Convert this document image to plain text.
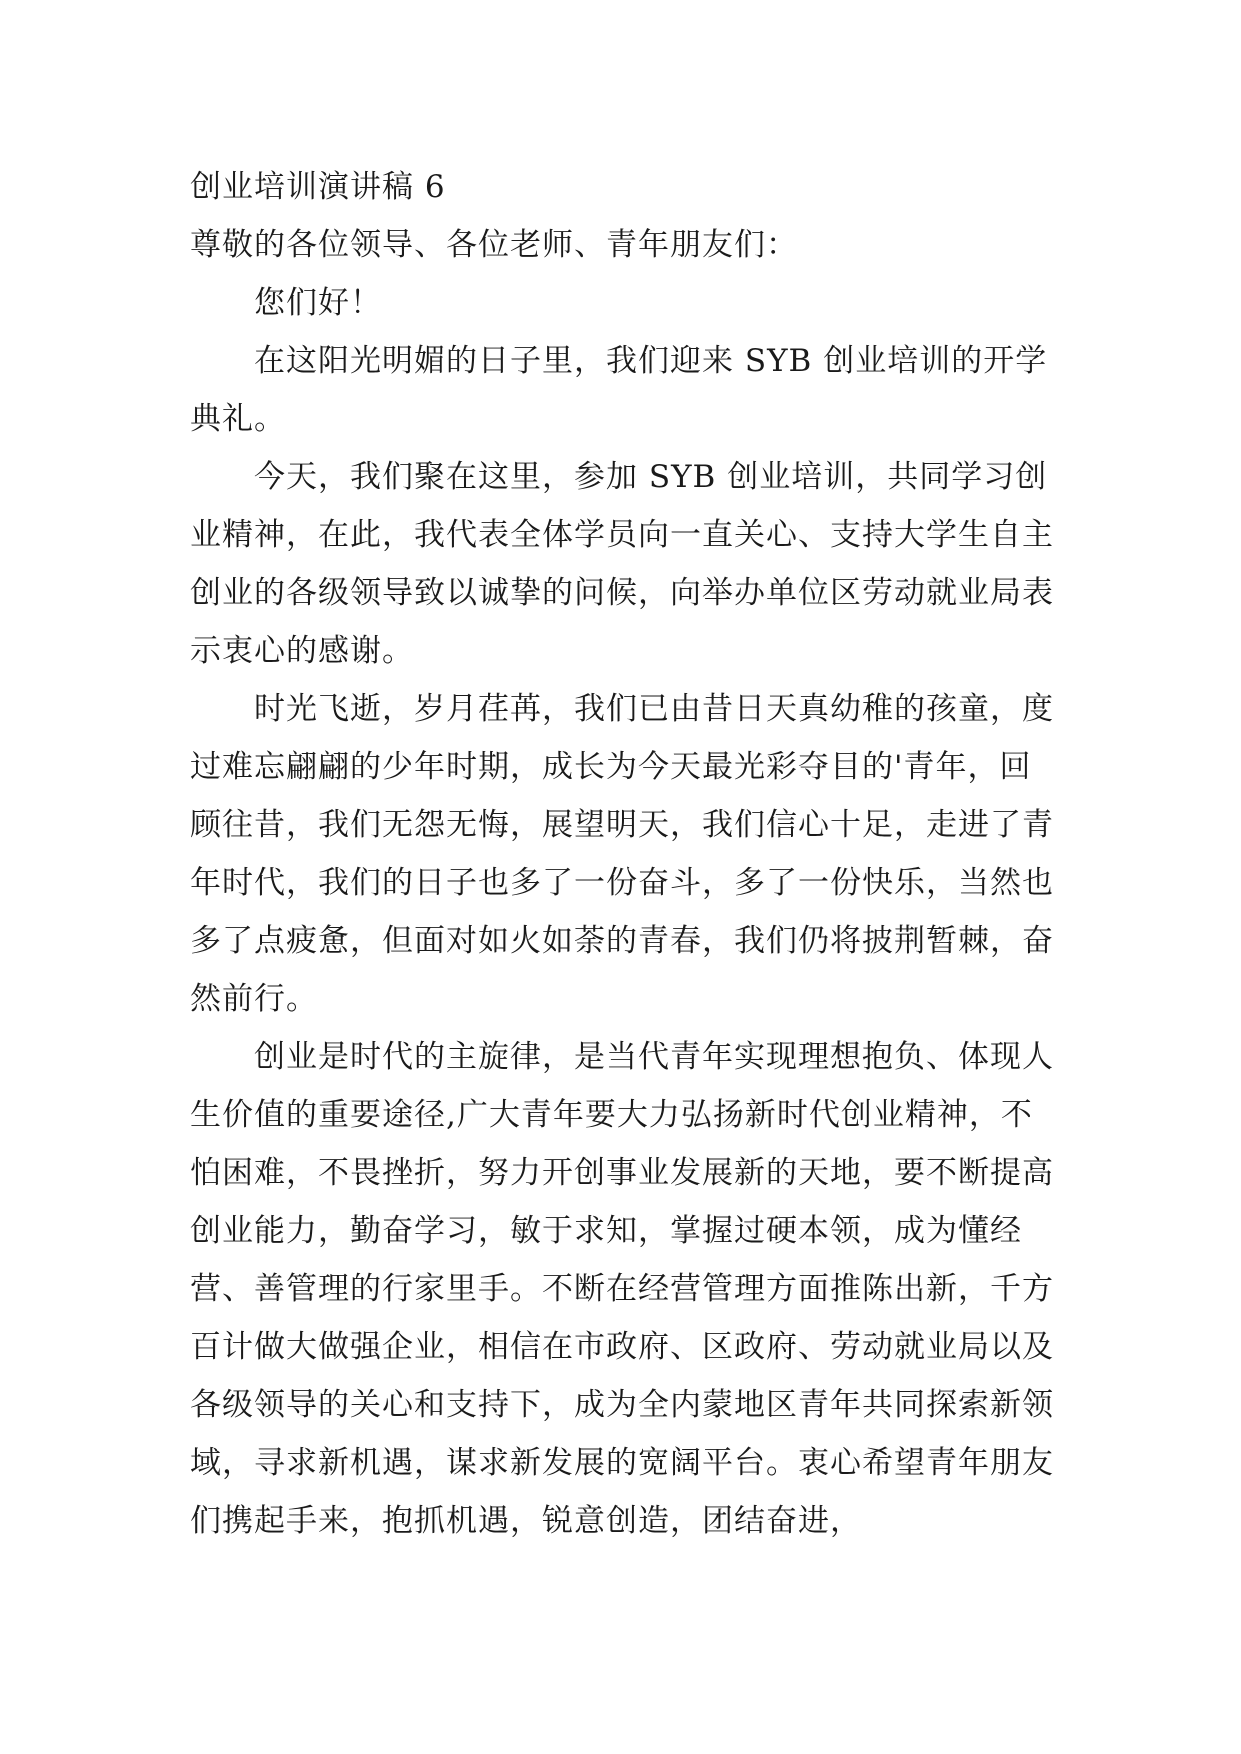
创业培训演讲稿 6

尊敬的各位领导、各位老师、青年朋友们：

您们好！

在这阳光明媚的日子里，我们迎来 SYB 创业培训的开学典礼。

今天，我们聚在这里，参加 SYB 创业培训，共同学习创业精神，在此，我代表全体学员向一直关心、支持大学生自主创业的各级领导致以诚挚的问候，向举办单位区劳动就业局表示衷心的感谢。

时光飞逝，岁月荏苒，我们已由昔日天真幼稚的孩童，度过难忘翩翩的少年时期，成长为今天最光彩夺目的'青年，回顾往昔，我们无怨无悔，展望明天，我们信心十足，走进了青年时代，我们的日子也多了一份奋斗，多了一份快乐，当然也多了点疲惫，但面对如火如荼的青春，我们仍将披荆暂棘，奋然前行。

创业是时代的主旋律，是当代青年实现理想抱负、体现人生价值的重要途径,广大青年要大力弘扬新时代创业精神，不怕困难，不畏挫折，努力开创事业发展新的天地，要不断提高创业能力，勤奋学习，敏于求知，掌握过硬本领，成为懂经营、善管理的行家里手。不断在经营管理方面推陈出新，千方百计做大做强企业，相信在市政府、区政府、劳动就业局以及各级领导的关心和支持下，成为全内蒙地区青年共同探索新领域，寻求新机遇，谋求新发展的宽阔平台。衷心希望青年朋友们携起手来，抱抓机遇，锐意创造，团结奋进，
